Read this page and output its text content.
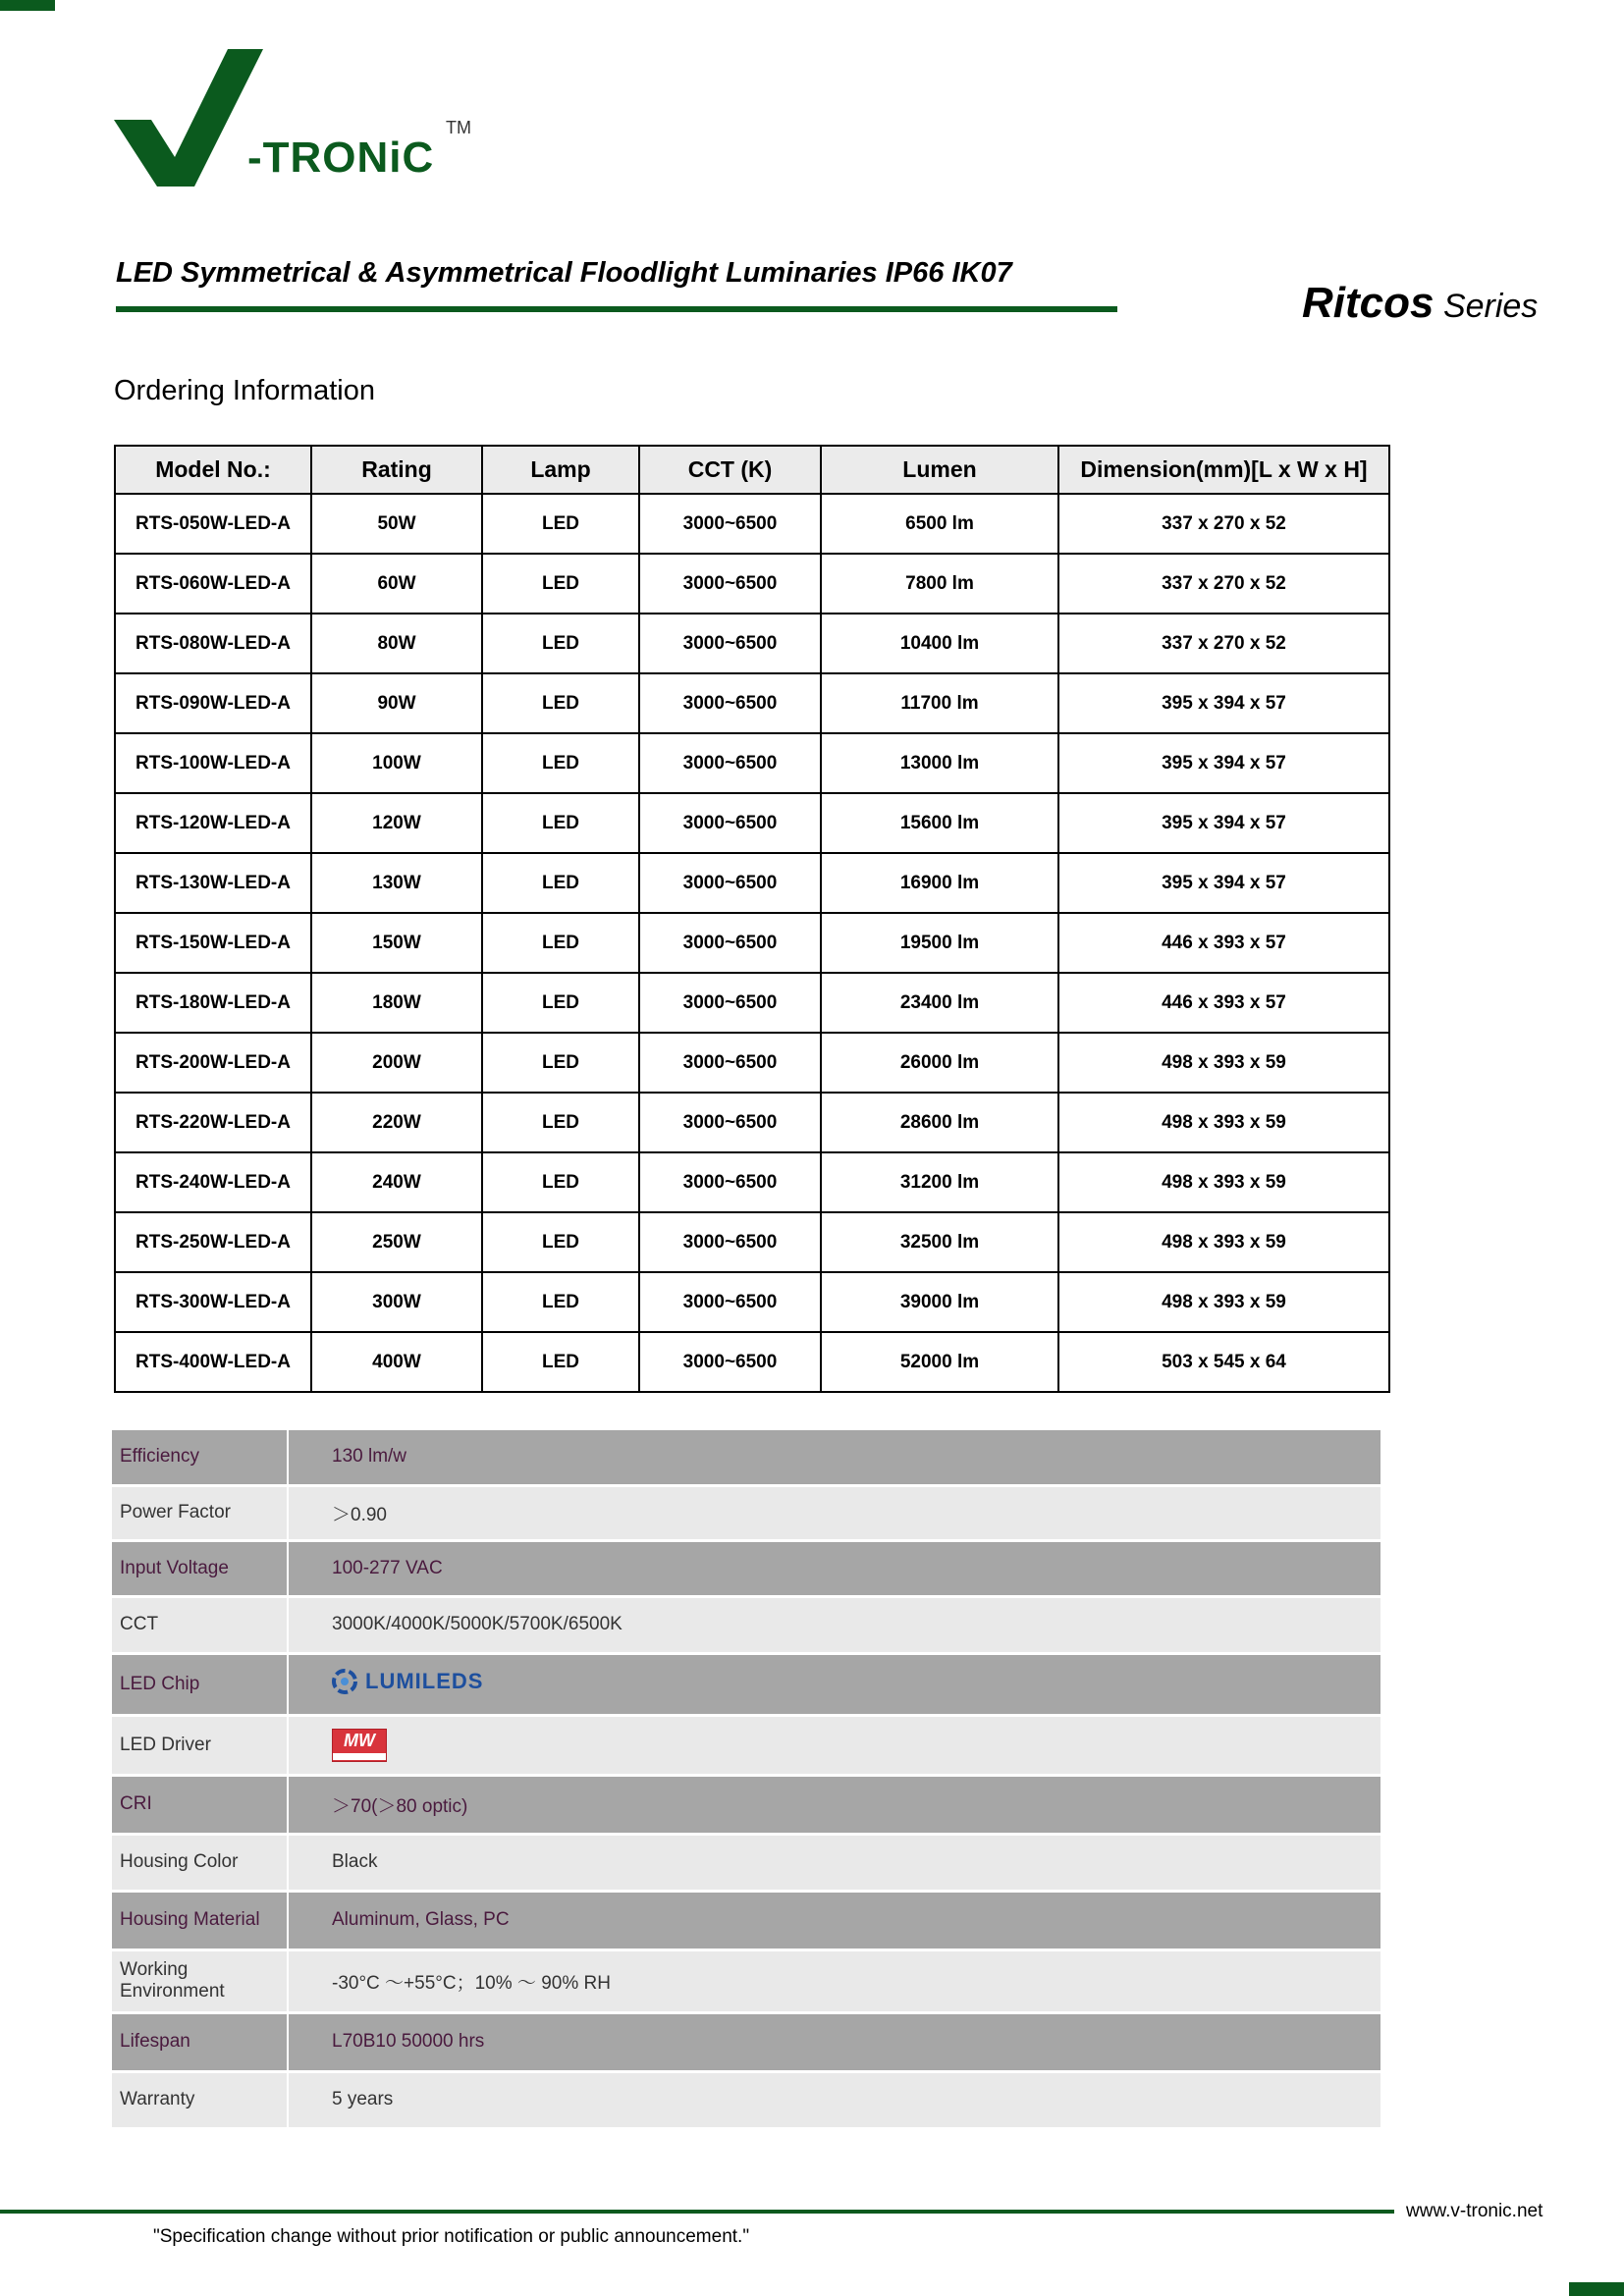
-TRONiC
TM
LED Symmetrical & Asymmetrical Floodlight Luminaries IP66 IK07
Ritcos Series
Ordering Information
Model No.:	Rating	Lamp	CCT (K)	Lumen	Dimension(mm)[L x W x H]
RTS-050W-LED-A	50W	LED	3000~6500	6500 lm	337 x 270 x 52
RTS-060W-LED-A	60W	LED	3000~6500	7800 lm	337 x 270 x 52
RTS-080W-LED-A	80W	LED	3000~6500	10400 lm	337 x 270 x 52
RTS-090W-LED-A	90W	LED	3000~6500	11700 lm	395 x 394 x 57
RTS-100W-LED-A	100W	LED	3000~6500	13000 lm	395 x 394 x 57
RTS-120W-LED-A	120W	LED	3000~6500	15600 lm	395 x 394 x 57
RTS-130W-LED-A	130W	LED	3000~6500	16900 lm	395 x 394 x 57
RTS-150W-LED-A	150W	LED	3000~6500	19500 lm	446 x 393 x 57
RTS-180W-LED-A	180W	LED	3000~6500	23400 lm	446 x 393 x 57
RTS-200W-LED-A	200W	LED	3000~6500	26000 lm	498 x 393 x 59
RTS-220W-LED-A	220W	LED	3000~6500	28600 lm	498 x 393 x 59
RTS-240W-LED-A	240W	LED	3000~6500	31200 lm	498 x 393 x 59
RTS-250W-LED-A	250W	LED	3000~6500	32500 lm	498 x 393 x 59
RTS-300W-LED-A	300W	LED	3000~6500	39000 lm	498 x 393 x 59
RTS-400W-LED-A	400W	LED	3000~6500	52000 lm	503 x 545 x 64
Efficiency	130 lm/w
Power Factor	＞0.90
Input Voltage	100-277 VAC
CCT	3000K/4000K/5000K/5700K/6500K
LED Chip	LUMILEDS

LED Driver	MW

CRI	＞70(＞80 optic)
Housing Color	Black
Housing Material	Aluminum, Glass, PC
Working Environment	-30°C ～+55°C；10% ～ 90% RH
Lifespan	L70B10 50000 hrs
Warranty	5 years
www.v-tronic.net
"Specification change without prior notification or public announcement."
